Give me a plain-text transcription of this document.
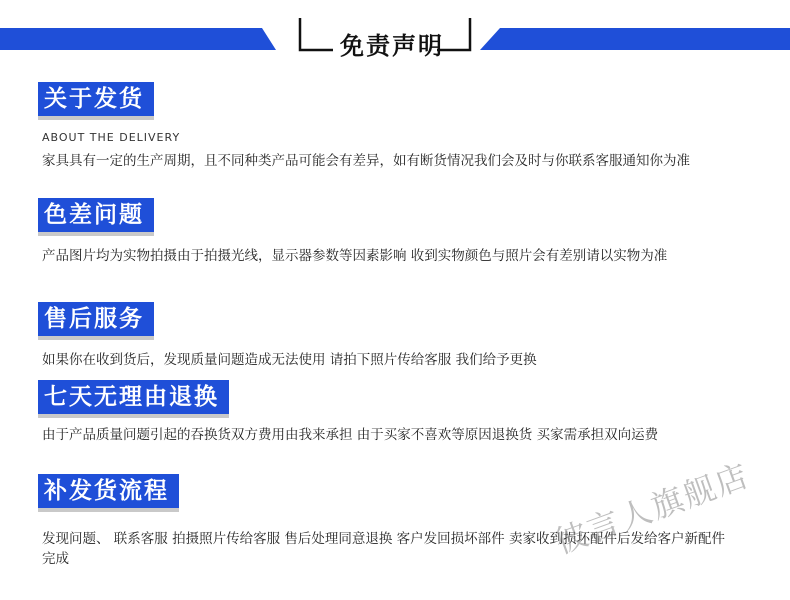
免责声明
关于发货
ABOUT THE DELIVERY
家具具有一定的生产周期，且不同种类产品可能会有差异，如有断货情况我们会及时与你联系客服通知你为准
色差问题
产品图片均为实物拍摄由于拍摄光线，显示器参数等因素影响 收到实物颜色与照片会有差别请以实物为准
售后服务
如果你在收到货后，发现质量问题造成无法使用 请拍下照片传给客服 我们给予更换
七天无理由退换
由于产品质量问题引起的吞换货双方费用由我来承担 由于买家不喜欢等原因退换货 买家需承担双向运费
补发货流程
发现问题、 联系客服 拍摄照片传给客服 售后处理同意退换 客户发回损坏部件 卖家收到损坏配件后发给客户新配件完成	彼言人旗舰店
